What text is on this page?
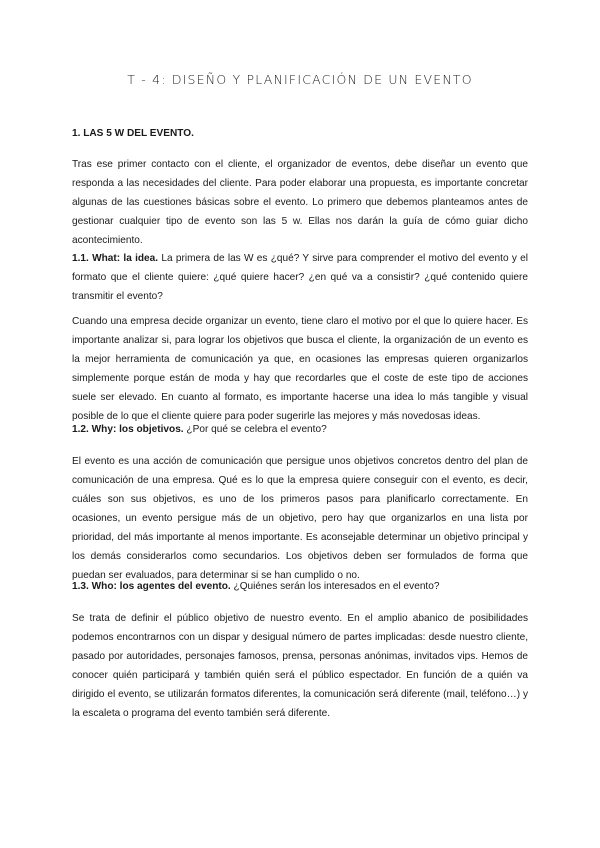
T - 4: DISEÑO Y PLANIFICACIÓN DE UN EVENTO
1. LAS 5 W DEL EVENTO.
Tras ese primer contacto con el cliente, el organizador de eventos, debe diseñar un evento que responda a las necesidades del cliente. Para poder elaborar una propuesta, es importante concretar algunas de las cuestiones básicas sobre el evento. Lo primero que debemos planteamos antes de gestionar cualquier tipo de evento son las 5 w. Ellas nos darán la guía de cómo guiar dicho acontecimiento.
1.1. What: la idea. La primera de las W es ¿qué? Y sirve para comprender el motivo del evento y el formato que el cliente quiere: ¿qué quiere hacer? ¿en qué va a consistir? ¿qué contenido quiere transmitir el evento?
Cuando una empresa decide organizar un evento, tiene claro el motivo por el que lo quiere hacer. Es importante analizar si, para lograr los objetivos que busca el cliente, la organización de un evento es la mejor herramienta de comunicación ya que, en ocasiones las empresas quieren organizarlos simplemente porque están de moda y hay que recordarles que el coste de este tipo de acciones suele ser elevado. En cuanto al formato, es importante hacerse una idea lo más tangible y visual posible de lo que el cliente quiere para poder sugerirle las mejores y más novedosas ideas.
1.2. Why: los objetivos. ¿Por qué se celebra el evento?
El evento es una acción de comunicación que persigue unos objetivos concretos dentro del plan de comunicación de una empresa. Qué es lo que la empresa quiere conseguir con el evento, es decir, cuáles son sus objetivos, es uno de los primeros pasos para planificarlo correctamente. En ocasiones, un evento persigue más de un objetivo, pero hay que organizarlos en una lista por prioridad, del más importante al menos importante. Es aconsejable determinar un objetivo principal y los demás considerarlos como secundarios. Los objetivos deben ser formulados de forma que puedan ser evaluados, para determinar si se han cumplido o no.
1.3. Who: los agentes del evento. ¿Quiénes serán los interesados en el evento?
Se trata de definir el público objetivo de nuestro evento. En el amplio abanico de posibilidades podemos encontrarnos con un dispar y desigual número de partes implicadas: desde nuestro cliente, pasado por autoridades, personajes famosos, prensa, personas anónimas, invitados vips. Hemos de conocer quién participará y también quién será el público espectador. En función de a quién va dirigido el evento, se utilizarán formatos diferentes, la comunicación será diferente (mail, teléfono…) y la escaleta o programa del evento también será diferente.
